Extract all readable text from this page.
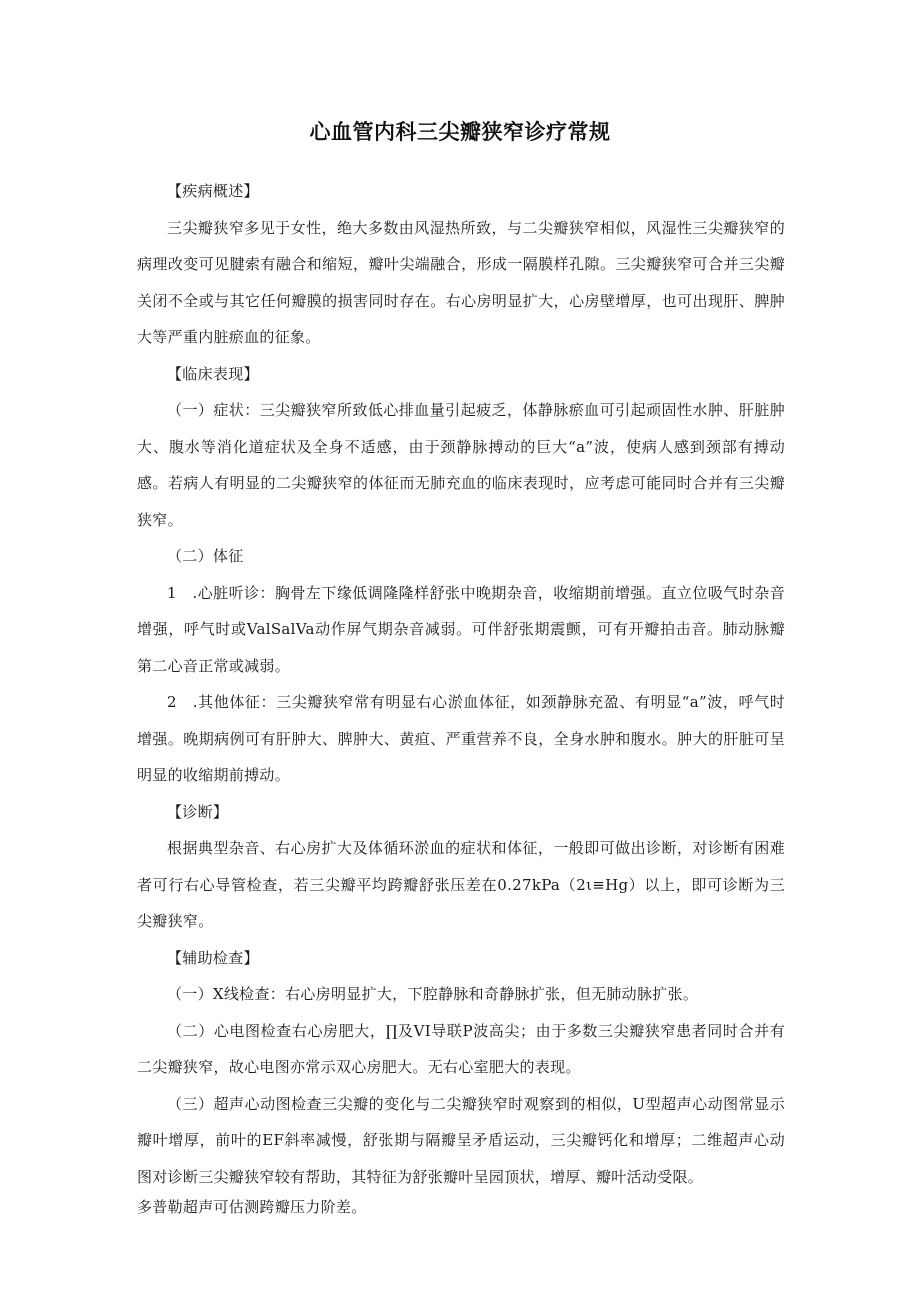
心血管内科三尖瓣狭窄诊疗常规

【疾病概述】

三尖瓣狭窄多见于女性，绝大多数由风湿热所致，与二尖瓣狭窄相似，风湿性三尖瓣狭窄的病理改变可见腱索有融合和缩短，瓣叶尖端融合，形成一隔膜样孔隙。三尖瓣狭窄可合并三尖瓣关闭不全或与其它任何瓣膜的损害同时存在。右心房明显扩大，心房壁增厚，也可出现肝、脾肿大等严重内脏瘀血的征象。

【临床表现】

（一）症状：三尖瓣狭窄所致低心排血量引起疲乏，体静脉瘀血可引起顽固性水肿、肝脏肿大、腹水等消化道症状及全身不适感，由于颈静脉搏动的巨大“a”波，使病人感到颈部有搏动感。若病人有明显的二尖瓣狭窄的体征而无肺充血的临床表现时，应考虑可能同时合并有三尖瓣狭窄。

（二）体征

1　.心脏听诊：胸骨左下缘低调隆隆样舒张中晚期杂音，收缩期前增强。直立位吸气时杂音增强，呼气时或ValSalVa动作屏气期杂音减弱。可伴舒张期震颤，可有开瓣拍击音。肺动脉瓣第二心音正常或减弱。

2　.其他体征：三尖瓣狭窄常有明显右心淤血体征，如颈静脉充盈、有明显“a”波，呼气时增强。晚期病例可有肝肿大、脾肿大、黄疸、严重营养不良，全身水肿和腹水。肿大的肝脏可呈明显的收缩期前搏动。

【诊断】

根据典型杂音、右心房扩大及体循环淤血的症状和体征，一般即可做出诊断，对诊断有困难者可行右心导管检查，若三尖瓣平均跨瓣舒张压差在0.27kPa（2ι≡Hg）以上，即可诊断为三尖瓣狭窄。

【辅助检查】

（一）X线检查：右心房明显扩大，下腔静脉和奇静脉扩张，但无肺动脉扩张。

（二）心电图检查右心房肥大，∏及VI导联P波高尖；由于多数三尖瓣狭窄患者同时合并有二尖瓣狭窄，故心电图亦常示双心房肥大。无右心室肥大的表现。

（三）超声心动图检查三尖瓣的变化与二尖瓣狭窄时观察到的相似，U型超声心动图常显示瓣叶增厚，前叶的EF斜率减慢，舒张期与隔瓣呈矛盾运动，三尖瓣钙化和增厚；二维超声心动图对诊断三尖瓣狭窄较有帮助，其特征为舒张瓣叶呈园顶状，增厚、瓣叶活动受限。

多普勒超声可估测跨瓣压力阶差。
